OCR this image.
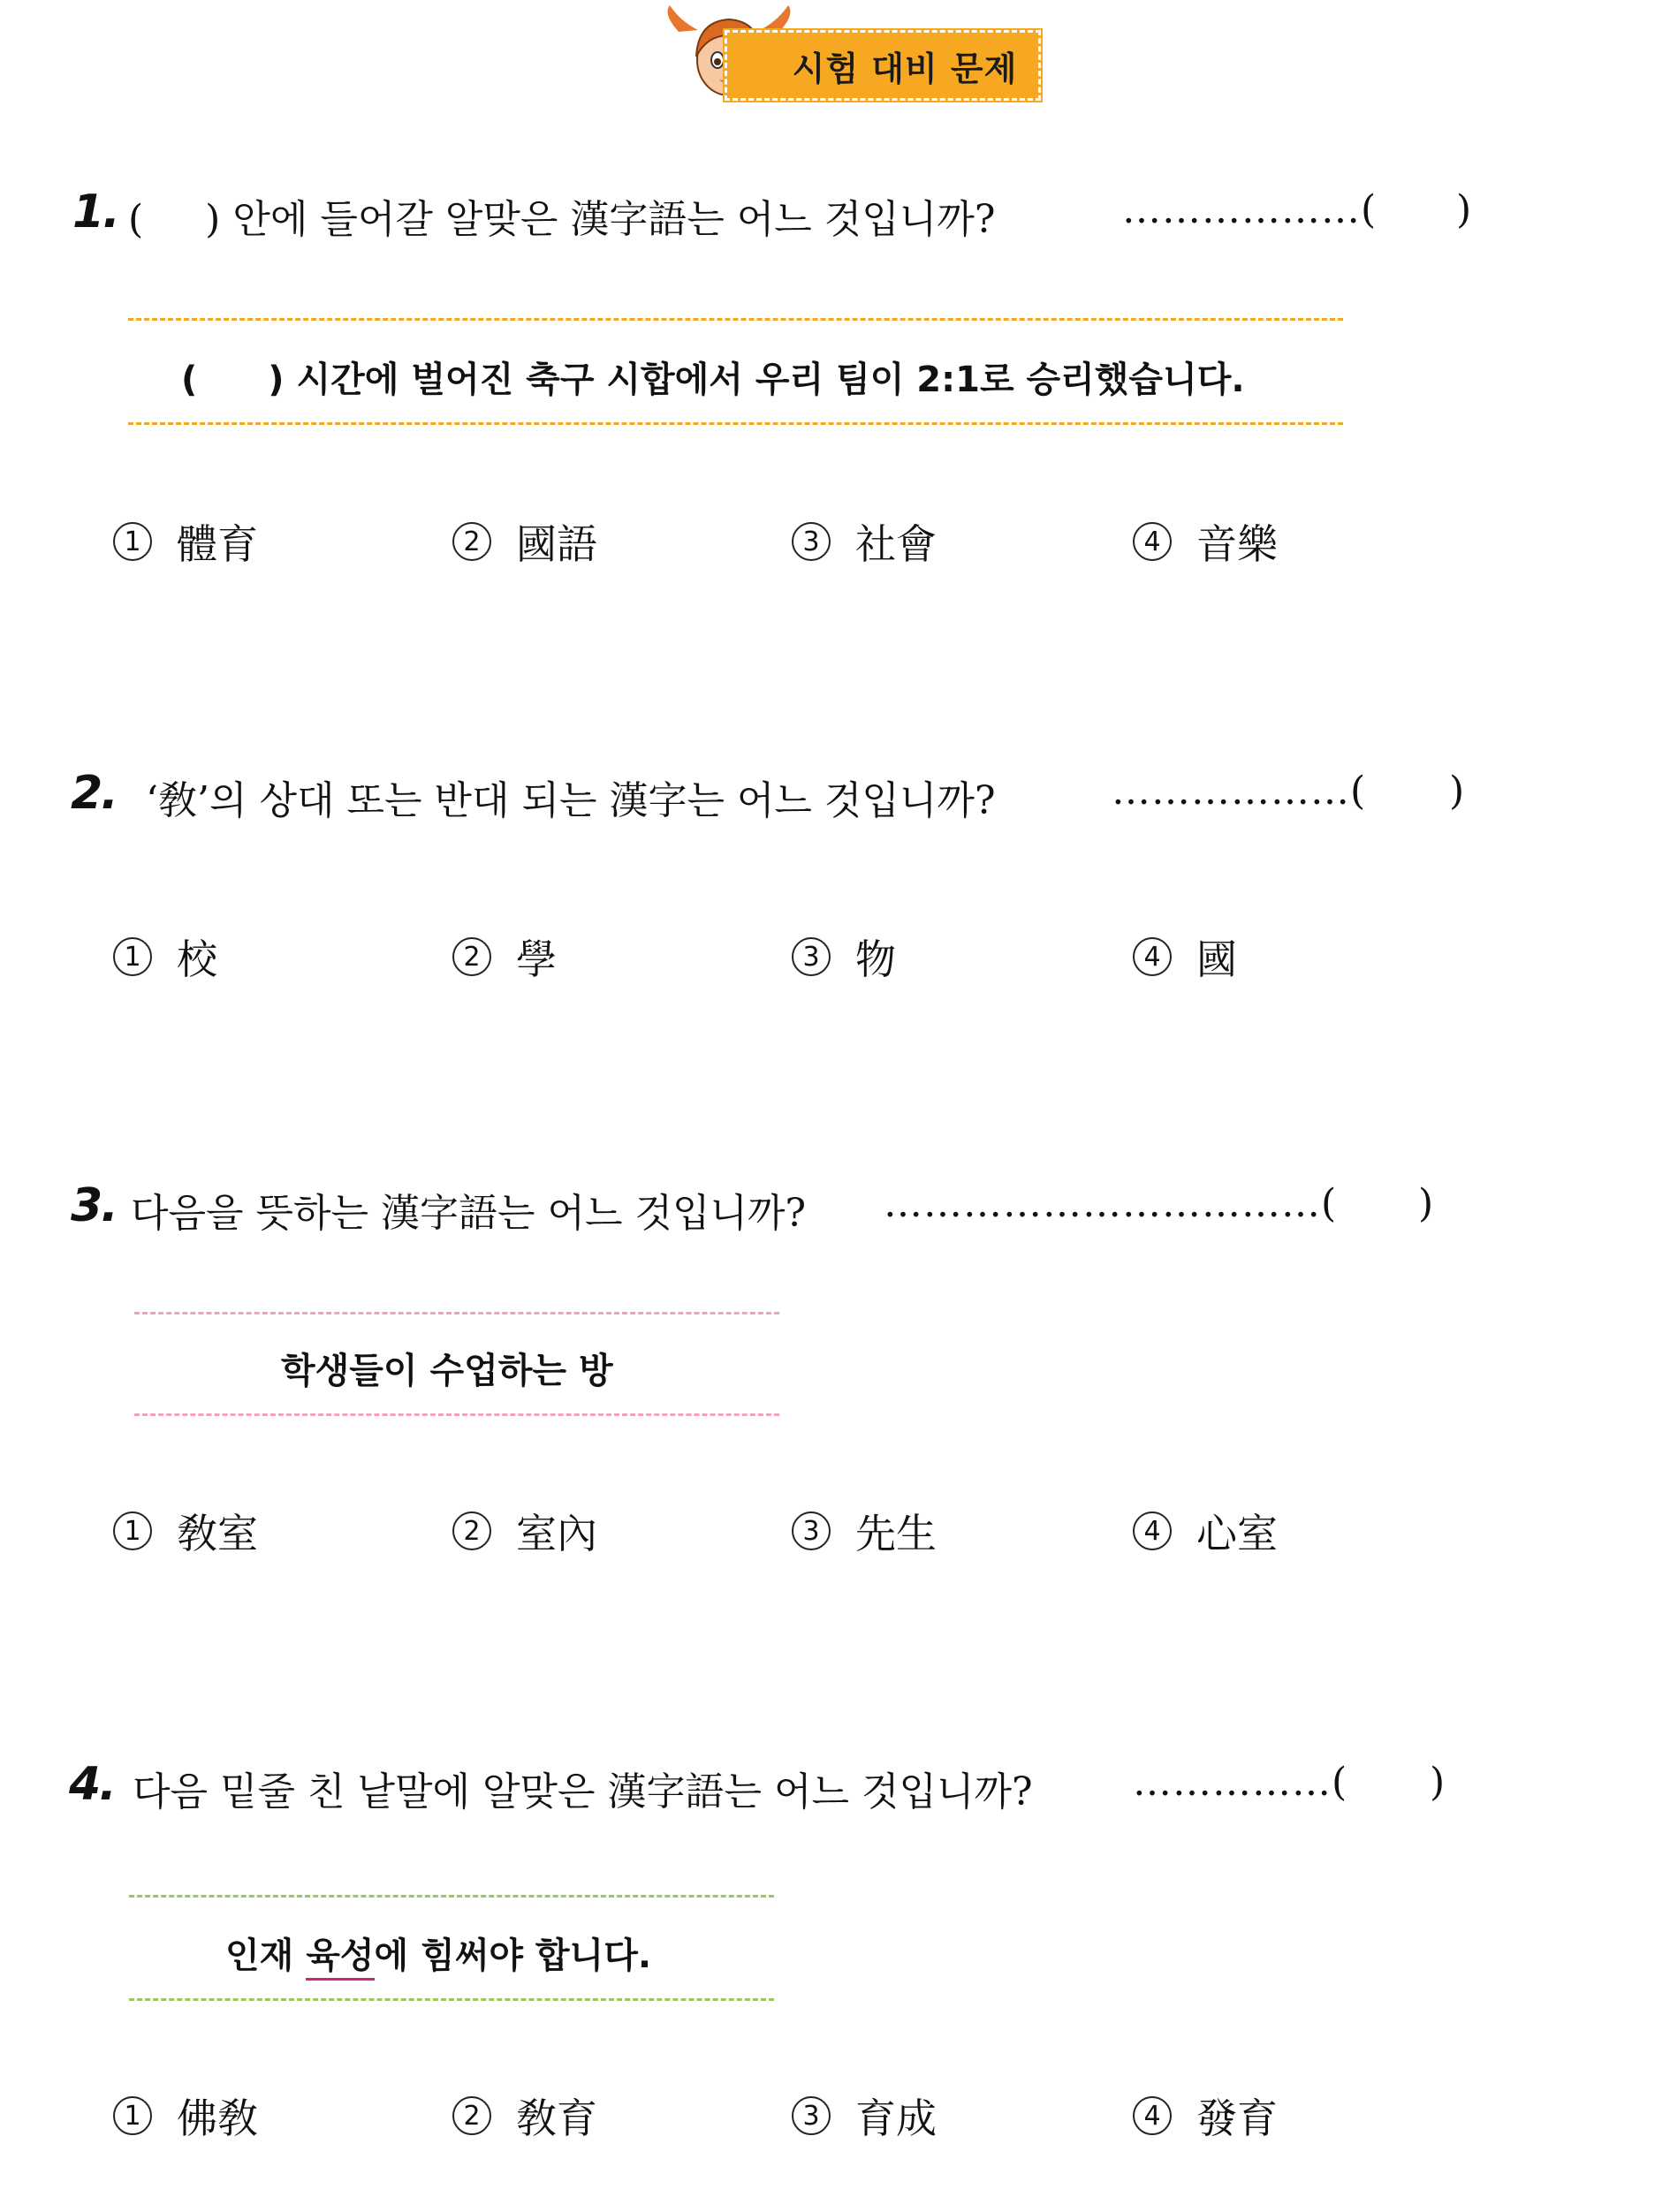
시험 대비 문제
1. ( ) 안에 들어갈 알맞은 漢字語는 어느 것입니까?	………………( )
( ) 시간에 벌어진 축구 시합에서 우리 팀이 2:1로 승리했습니다.
1 體育	2 國語	3 社會	4 音樂
2. ‘敎’의 상대 또는 반대 되는 漢字는 어느 것입니까?	………………( )
1 校	2 學	3 物	4 國
3. 다음을 뜻하는 漢字語는 어느 것입니까? ……………………………( )
학생들이 수업하는 방
1 敎室	2 室內	3 先生	4 心室
4. 다음 밑줄 친 낱말에 알맞은 漢字語는 어느 것입니까?	……………( )
인재 육성에 힘써야 합니다.
1 佛敎	2 敎育	3 育成	4 發育
